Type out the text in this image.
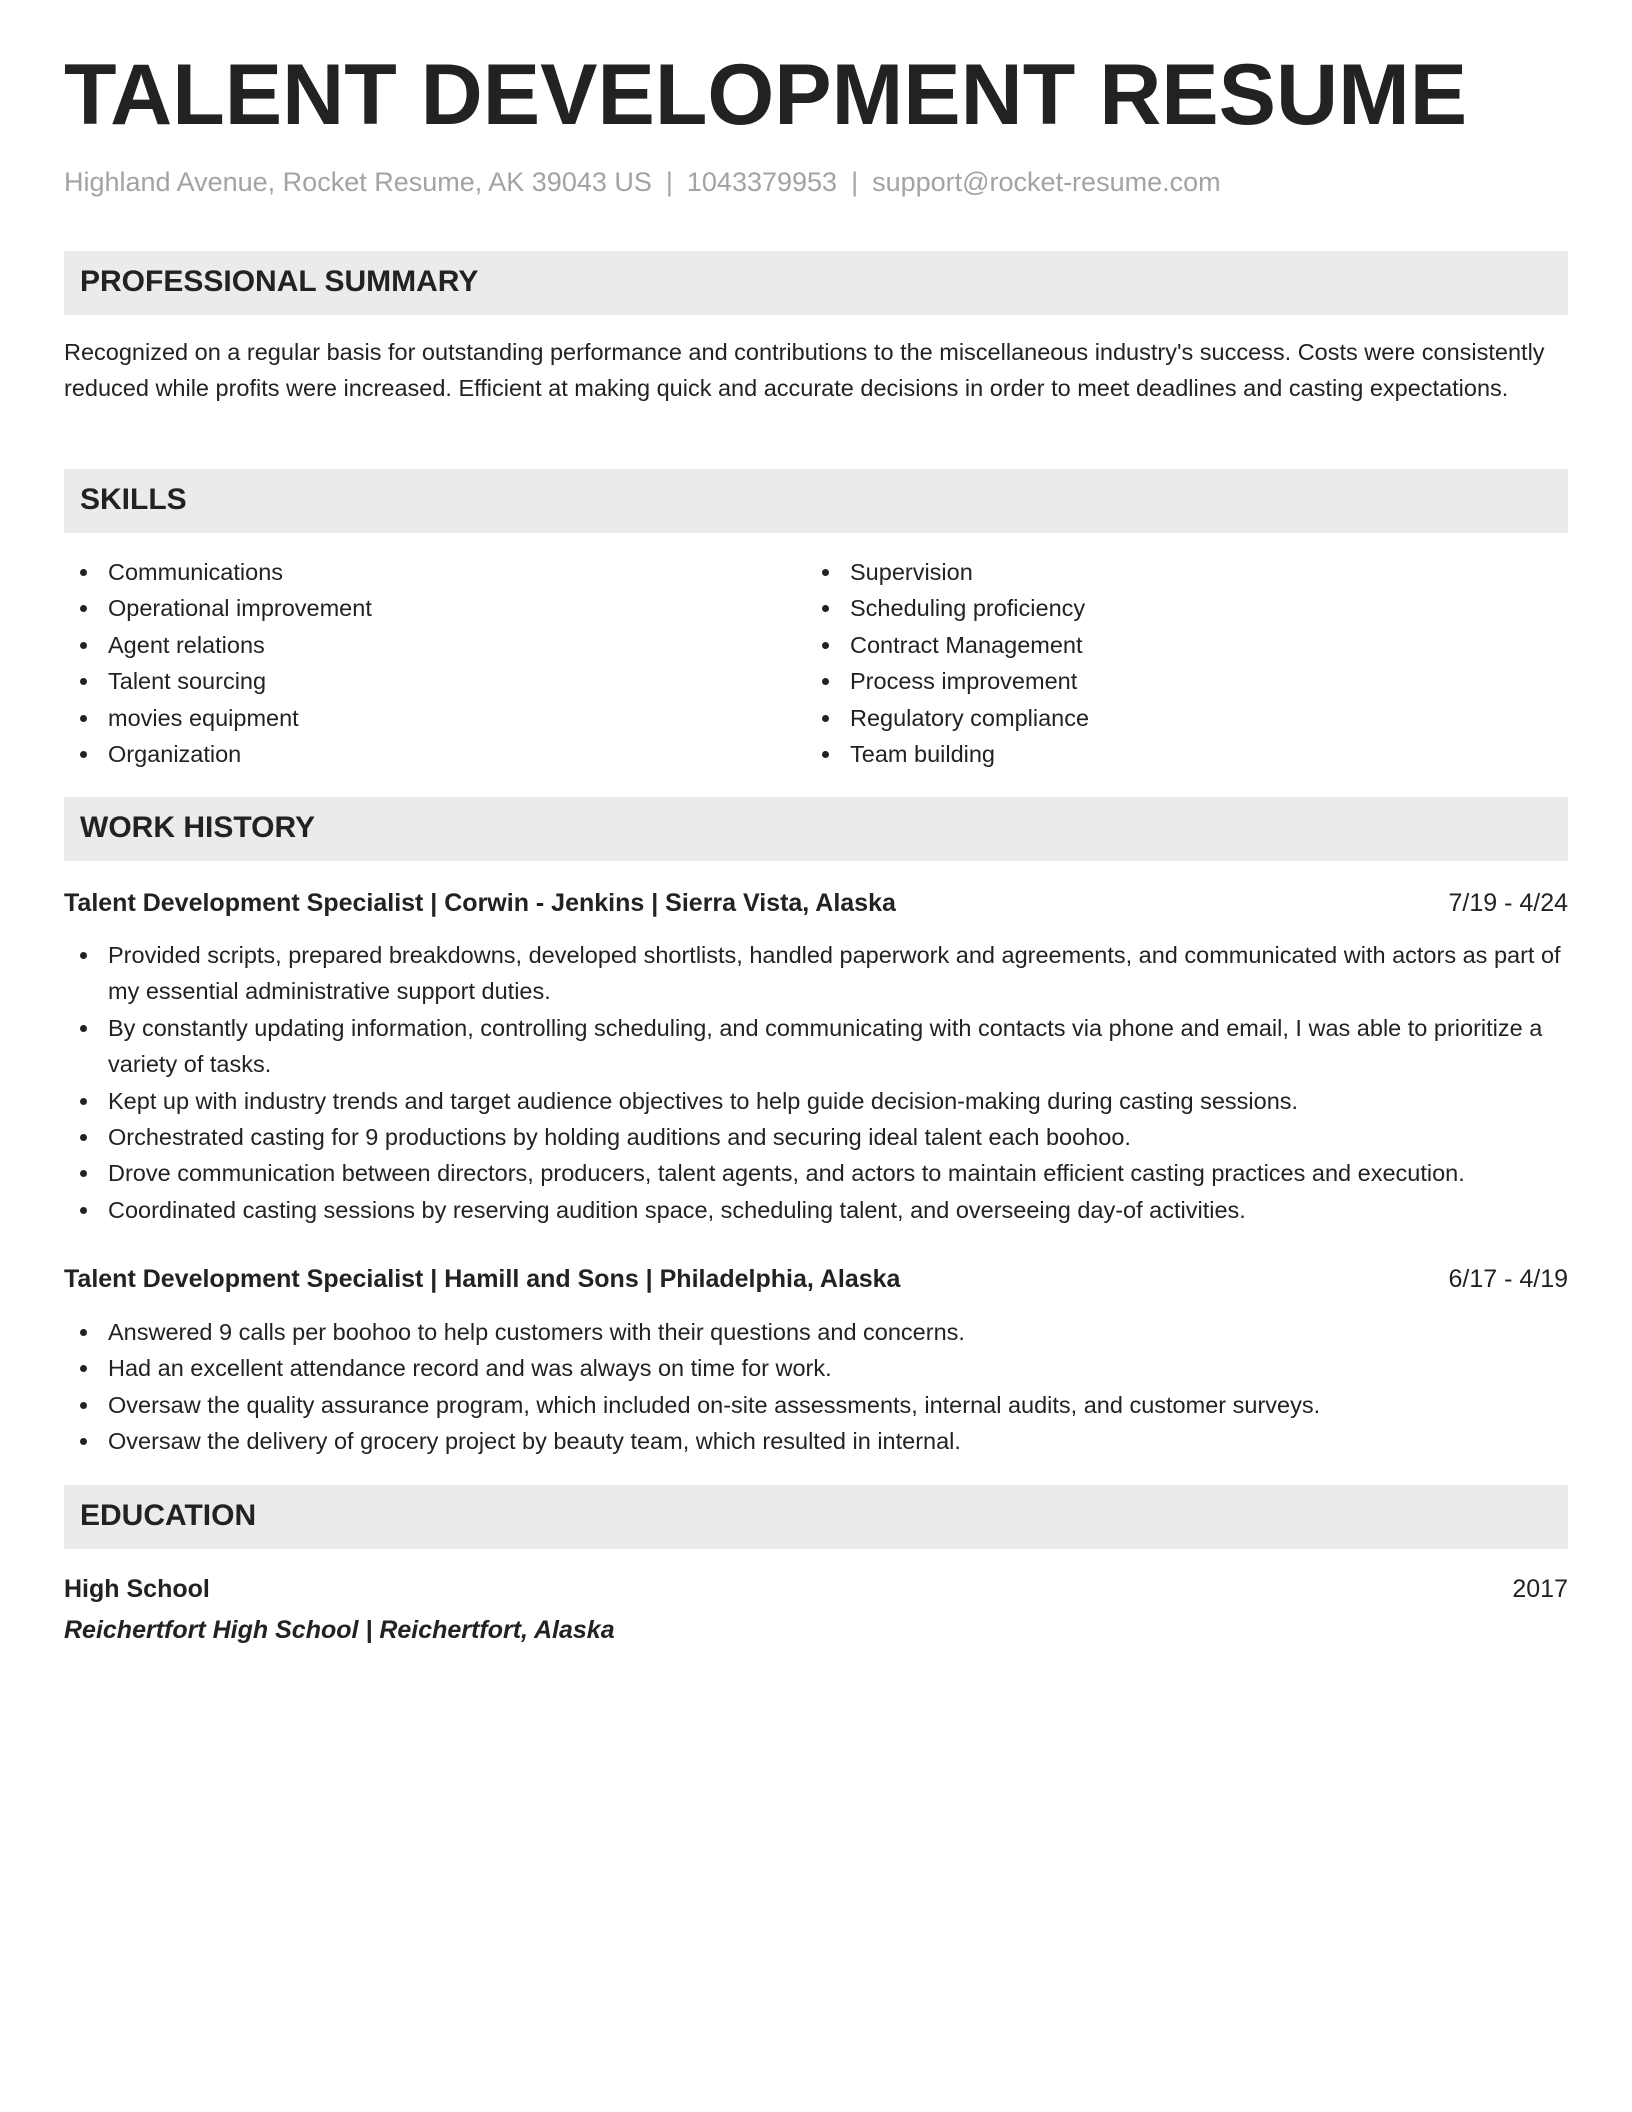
TALENT DEVELOPMENT RESUME
Highland Avenue, Rocket Resume, AK 39043 US | 1043379953 | support@rocket-resume.com
PROFESSIONAL SUMMARY

Recognized on a regular basis for outstanding performance and contributions to the miscellaneous industry's success. Costs were consistently reduced while profits were increased. Efficient at making quick and accurate decisions in order to meet deadlines and casting expectations.

SKILLS
Communications
Operational improvement
Agent relations
Talent sourcing
movies equipment
Organization
Supervision
Scheduling proficiency
Contract Management
Process improvement
Regulatory compliance
Team building
WORK HISTORY
Talent Development Specialist | Corwin - Jenkins | Sierra Vista, Alaska	7/19 - 4/24
Provided scripts, prepared breakdowns, developed shortlists, handled paperwork and agreements, and communicated with actors as part of my essential administrative support duties.
By constantly updating information, controlling scheduling, and communicating with contacts via phone and email, I was able to prioritize a variety of tasks.
Kept up with industry trends and target audience objectives to help guide decision-making during casting sessions.
Orchestrated casting for 9 productions by holding auditions and securing ideal talent each boohoo.
Drove communication between directors, producers, talent agents, and actors to maintain efficient casting practices and execution.
Coordinated casting sessions by reserving audition space, scheduling talent, and overseeing day-of activities.
Talent Development Specialist | Hamill and Sons | Philadelphia, Alaska	6/17 - 4/19
Answered 9 calls per boohoo to help customers with their questions and concerns.
Had an excellent attendance record and was always on time for work.
Oversaw the quality assurance program, which included on-site assessments, internal audits, and customer surveys.
Oversaw the delivery of grocery project by beauty team, which resulted in internal.
EDUCATION
High School	2017
Reichertfort High School | Reichertfort, Alaska
